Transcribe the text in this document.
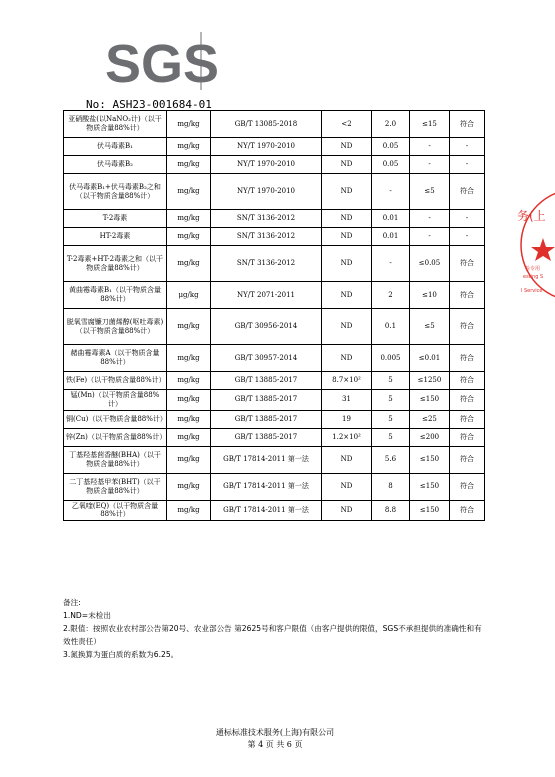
SGS
No: ASH23-001684-01
亚硝酸盐(以NaNO₂计)（以干物质含量88%计）	mg/kg	GB/T 13085-2018	<2	2.0	≤15	符合
伏马毒素B₁	mg/kg	NY/T 1970-2010	ND	0.05	-	-
伏马毒素B₂	mg/kg	NY/T 1970-2010	ND	0.05	-	-
伏马毒素B₁+伏马毒素B₂之和（以干物质含量88%计）	mg/kg	NY/T 1970-2010	ND	-	≤5	符合
T-2毒素	mg/kg	SN/T 3136-2012	ND	0.01	-	-
HT-2毒素	mg/kg	SN/T 3136-2012	ND	0.01	-	-
T-2毒素+HT-2毒素之和（以干物质含量88%计）	mg/kg	SN/T 3136-2012	ND	-	≤0.05	符合
黄曲霉毒素B₁（以干物质含量88%计）	μg/kg	NY/T 2071-2011	ND	2	≤10	符合
脱氧雪腐镰刀菌烯醇(呕吐毒素)（以干物质含量88%计）	mg/kg	GB/T 30956-2014	ND	0.1	≤5	符合
赭曲霉毒素A（以干物质含量88%计）	mg/kg	GB/T 30957-2014	ND	0.005	≤0.01	符合
铁(Fe)（以干物质含量88%计）	mg/kg	GB/T 13885-2017	8.7×10²	5	≤1250	符合
锰(Mn)（以干物质含量88%计）	mg/kg	GB/T 13885-2017	31	5	≤150	符合
铜(Cu)（以干物质含量88%计）	mg/kg	GB/T 13885-2017	19	5	≤25	符合
锌(Zn)（以干物质含量88%计）	mg/kg	GB/T 13885-2017	1.2×10²	5	≤200	符合
丁基羟基茴香醚(BHA)（以干物质含量88%计）	mg/kg	GB/T 17814-2011 第一法	ND	5.6	≤150	符合
二丁基羟基甲苯(BHT)（以干物质含量88%计）	mg/kg	GB/T 17814-2011 第一法	ND	8	≤150	符合
乙氧喹(EQ)（以干物质含量88%计）	mg/kg	GB/T 17814-2011 第一法	ND	8.8	≤150	符合
备注:
1.ND=未检出
2.限值：按照农业农村部公告第20号、农业部公告 第2625号和客户限值（由客户提供的限值，SGS不承担提供的准确性和有效性责任）
3.氮换算为蛋白质的系数为6.25。
务(上
检专用
esting S
l Service
通标标准技术服务(上海)有限公司
第 4 页 共 6 页
